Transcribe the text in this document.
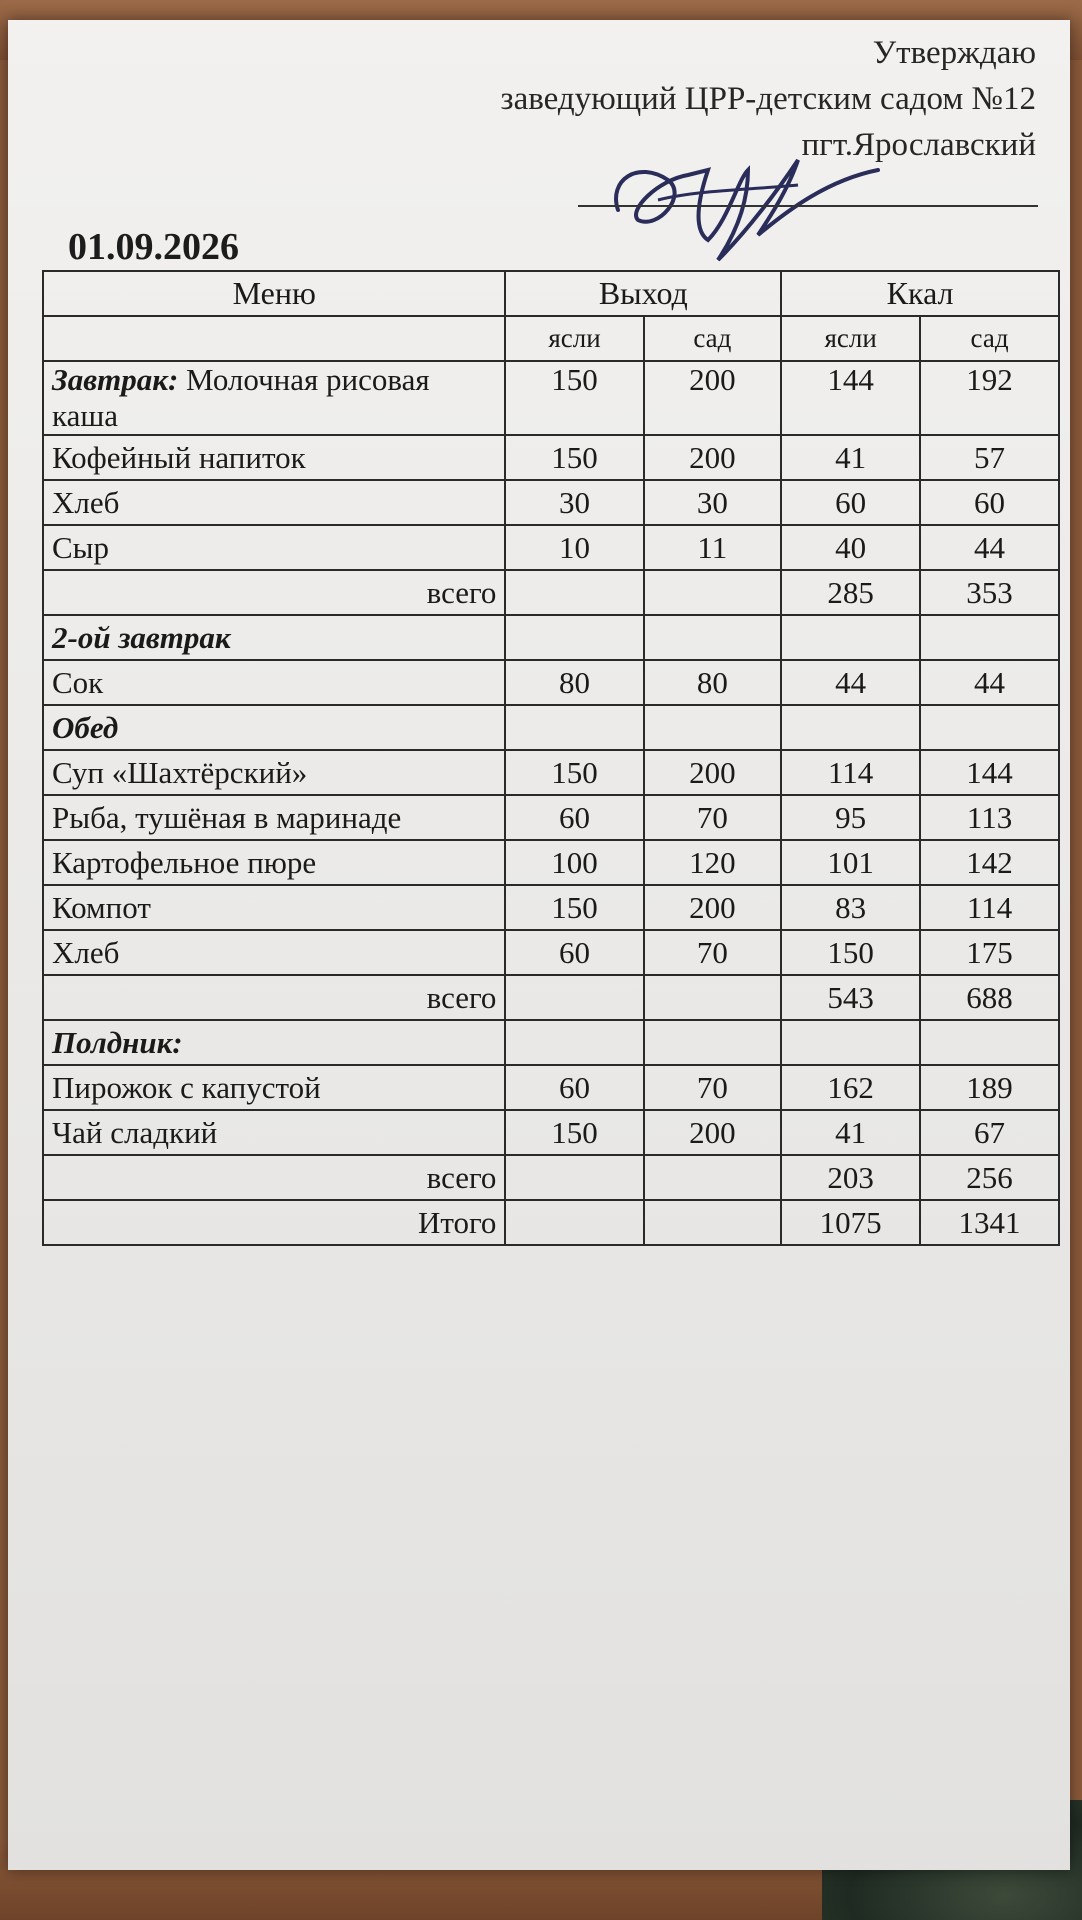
Утверждаю
заведующий ЦРР-детским садом №12
пгт.Ярославский
01.09.2026
Меню	Выход		Ккал	
	ясли	сад	ясли	сад
Завтрак: Молочная рисовая каша	150	200	144	192
Кофейный напиток	150	200	41	57
Хлеб	30	30	60	60
Сыр	10	11	40	44
всего			285	353
2-ой завтрак				
Сок	80	80	44	44
Обед				
Суп «Шахтёрский»	150	200	114	144
Рыба, тушёная в маринаде	60	70	95	113
Картофельное пюре	100	120	101	142
Компот	150	200	83	114
Хлеб	60	70	150	175
всего			543	688
Полдник:				
Пирожок с капустой	60	70	162	189
Чай сладкий	150	200	41	67
всего			203	256
Итого			1075	1341
